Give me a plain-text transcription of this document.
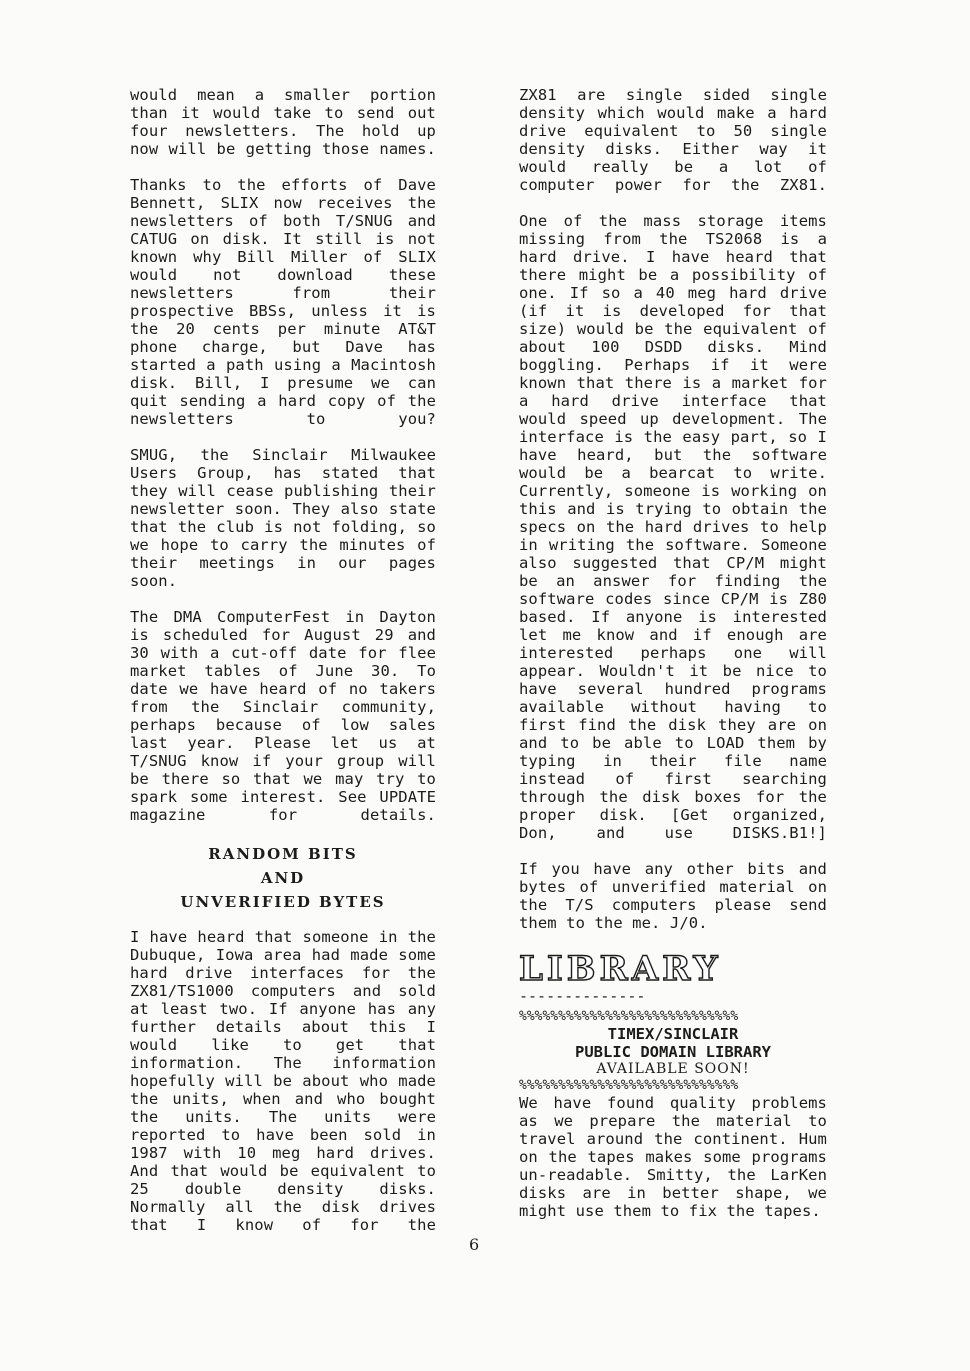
would mean a smaller portion than it would take to send out four newsletters. The hold up now will be getting those names.

Thanks to the efforts of Dave Bennett, SLIX now receives the newsletters of both T/SNUG and CATUG on disk. It still is not known why Bill Miller of SLIX would not download these newsletters from their prospective BBSs, unless it is the 20 cents per minute AT&T phone charge, but Dave has started a path using a Macintosh disk. Bill, I presume we can quit sending a hard copy of the newsletters to you?

SMUG, the Sinclair Milwaukee Users Group, has stated that they will cease publishing their newsletter soon. They also state that the club is not folding, so we hope to carry the minutes of their meetings in our pages soon.

The DMA ComputerFest in Dayton is scheduled for August 29 and 30 with a cut-off date for flee market tables of June 30. To date we have heard of no takers from the Sinclair community, perhaps because of low sales last year. Please let us at T/SNUG know if your group will be there so that we may try to spark some interest. See UPDATE magazine for details.

RANDOM BITS
AND
UNVERIFIED BYTES

I have heard that someone in the Dubuque, Iowa area had made some hard drive interfaces for the ZX81/TS1000 computers and sold at least two. If anyone has any further details about this I would like to get that information. The information hopefully will be about who made the units, when and who bought the units. The units were reported to have been sold in 1987 with 10 meg hard drives. And that would be equivalent to 25 double density disks. Normally all the disk drives that I know of for the

ZX81 are single sided single density which would make a hard drive equivalent to 50 single density disks. Either way it would really be a lot of computer power for the ZX81.

One of the mass storage items missing from the TS2068 is a hard drive. I have heard that there might be a possibility of one. If so a 40 meg hard drive (if it is developed for that size) would be the equivalent of about 100 DSDD disks. Mind boggling. Perhaps if it were known that there is a market for a hard drive interface that would speed up development. The interface is the easy part, so I have heard, but the software would be a bearcat to write. Currently, someone is working on this and is trying to obtain the specs on the hard drives to help in writing the software. Someone also suggested that CP/M might be an answer for finding the software codes since CP/M is Z80 based. If anyone is interested let me know and if enough are interested perhaps one will appear. Wouldn't it be nice to have several hundred programs available without having to first find the disk they are on and to be able to LOAD them by typing in their file name instead of first searching through the disk boxes for the proper disk. [Get organized, Don, and use DISKS.B1!]

If you have any other bits and bytes of unverified material on the T/S computers please send them to the me. J/0.

LIBRARY
--------------
%%%%%%%%%%%%%%%%%%%%%%%%%%%%
TIMEX/SINCLAIR
PUBLIC DOMAIN LIBRARY
AVAILABLE SOON!
%%%%%%%%%%%%%%%%%%%%%%%%%%%%

We have found quality problems as we prepare the material to travel around the continent. Hum on the tapes makes some programs un-readable. Smitty, the LarKen disks are in better shape, we might use them to fix the tapes.

6
